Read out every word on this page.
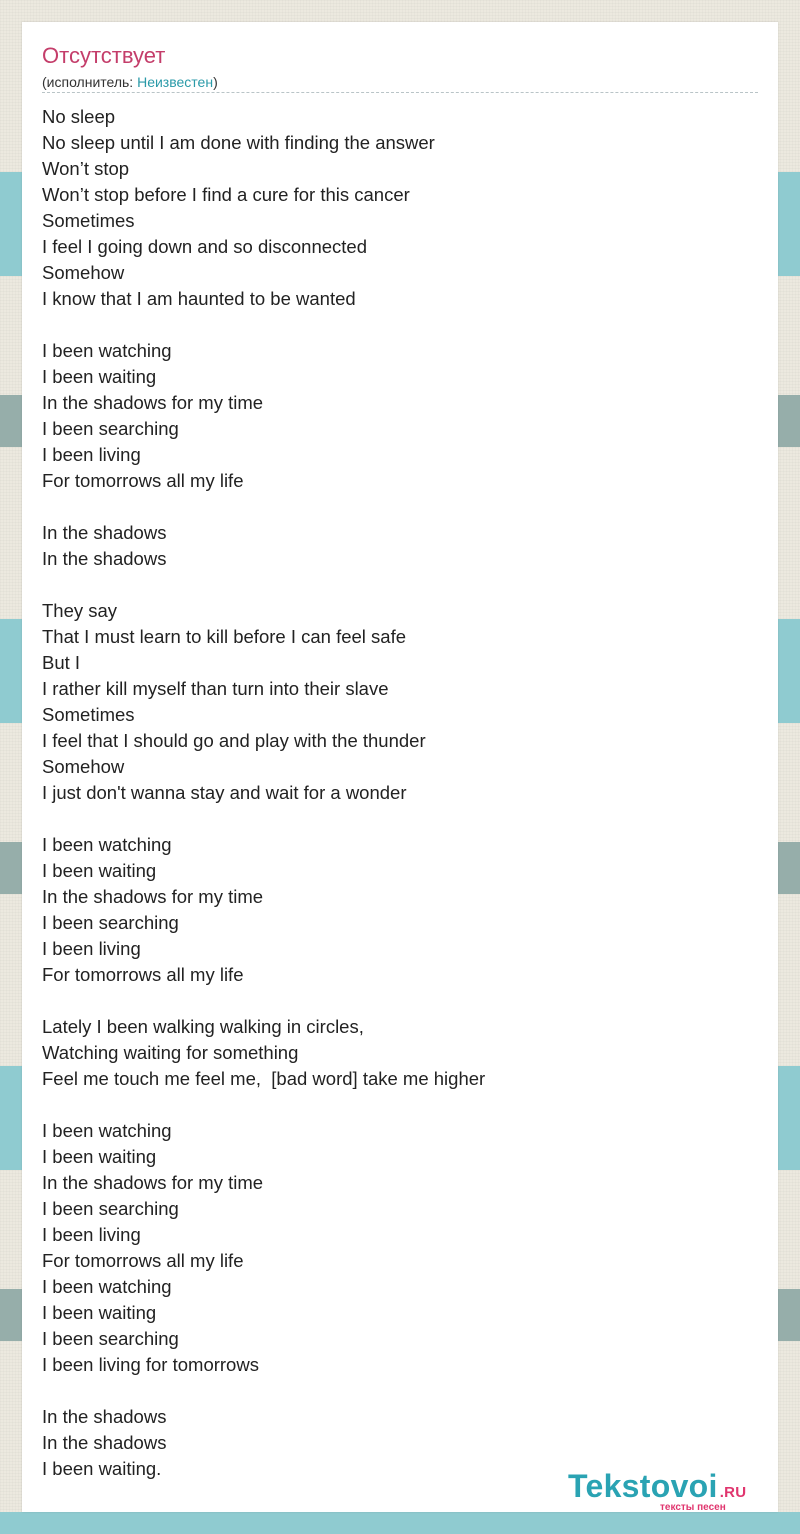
Отсутствует
(исполнитель: Неизвестен)
No sleep
No sleep until I am done with finding the answer
Won’t stop
Won’t stop before I find a cure for this cancer
Sometimes
I feel I going down and so disconnected
Somehow
I know that I am haunted to be wanted
I been watching
I been waiting
In the shadows for my time
I been searching
I been living
For tomorrows all my life
In the shadows
In the shadows
They say
That I must learn to kill before I can feel safe
But I
I rather kill myself than turn into their slave
Sometimes
I feel that I should go and play with the thunder
Somehow
I just don't wanna stay and wait for a wonder
I been watching
I been waiting
In the shadows for my time
I been searching
I been living
For tomorrows all my life
Lately I been walking walking in circles,
Watching waiting for something
Feel me touch me feel me,  [bad word] take me higher
I been watching
I been waiting
In the shadows for my time
I been searching
I been living
For tomorrows all my life
I been watching
I been waiting
I been searching
I been living for tomorrows
In the shadows
In the shadows
I been waiting.	Tekstovoi .RU
тексты песен
